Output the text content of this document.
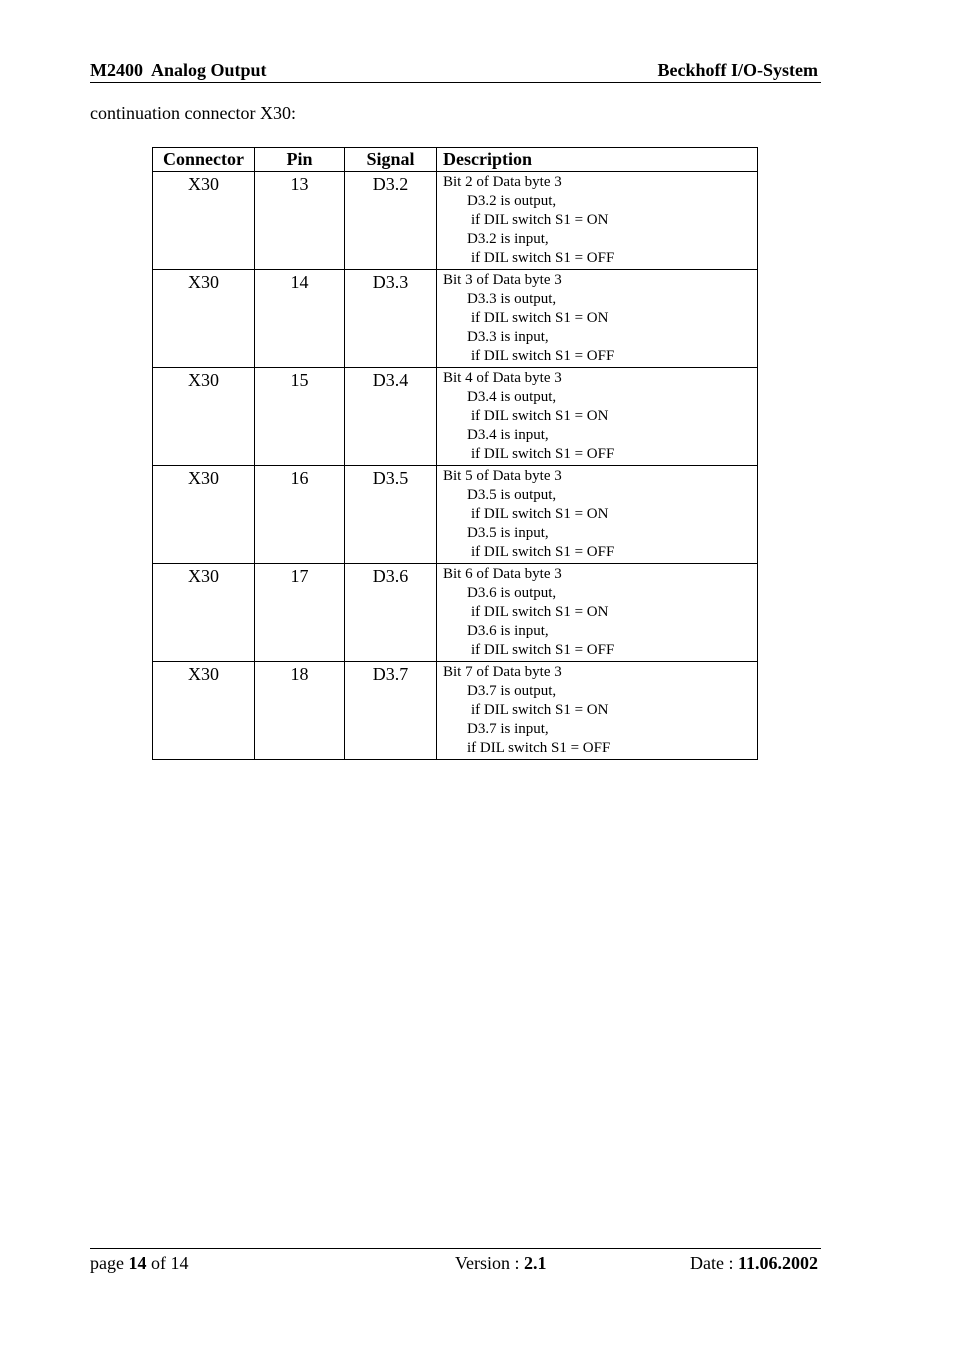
M2400  Analog Output	Beckhoff I/O-System
continuation connector X30:
Connector	Pin	Signal	Description
X30	13	D3.2	Bit 2 of Data byte 3
D3.2 is output,
if DIL switch S1 = ON
D3.2 is input,
if DIL switch S1 = OFF

X30	14	D3.3	Bit 3 of Data byte 3
D3.3 is output,
if DIL switch S1 = ON
D3.3 is input,
if DIL switch S1 = OFF

X30	15	D3.4	Bit 4 of Data byte 3
D3.4 is output,
if DIL switch S1 = ON
D3.4 is input,
if DIL switch S1 = OFF

X30	16	D3.5	Bit 5 of Data byte 3
D3.5 is output,
if DIL switch S1 = ON
D3.5 is input,
if DIL switch S1 = OFF

X30	17	D3.6	Bit 6 of Data byte 3
D3.6 is output,
if DIL switch S1 = ON
D3.6 is input,
if DIL switch S1 = OFF

X30	18	D3.7	Bit 7 of Data byte 3
D3.7 is output,
if DIL switch S1 = ON
D3.7 is input,
if DIL switch S1 = OFF
page 14 of 14	Version : 2.1	Date : 11.06.2002
